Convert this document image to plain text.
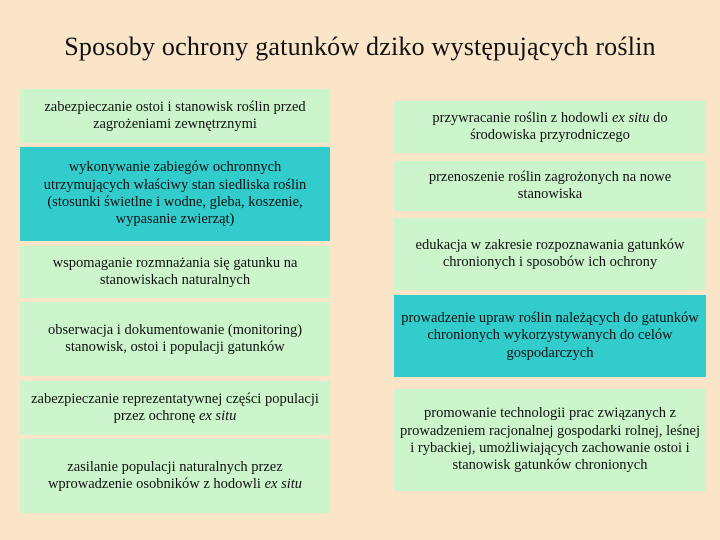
Sposoby ochrony gatunków dziko występujących roślin
zabezpieczanie ostoi i stanowisk roślin przed zagrożeniami zewnętrznymi
wykonywanie zabiegów ochronnych utrzymujących właściwy stan siedliska roślin (stosunki świetlne i wodne, gleba, koszenie, wypasanie zwierząt)
wspomaganie rozmnażania się gatunku na stanowiskach naturalnych
obserwacja i dokumentowanie (monitoring) stanowisk, ostoi i populacji gatunków
zabezpieczanie reprezentatywnej części populacji przez ochronę ex situ
zasilanie populacji naturalnych przez wprowadzenie osobników z hodowli ex situ
przywracanie roślin z hodowli ex situ do środowiska przyrodniczego
przenoszenie roślin zagrożonych na nowe stanowiska
edukacja w zakresie rozpoznawania gatunków chronionych i sposobów ich ochrony
prowadzenie upraw roślin należących do gatunków chronionych wykorzystywanych do celów gospodarczych
promowanie technologii prac związanych z prowadzeniem racjonalnej gospodarki rolnej, leśnej i rybackiej, umożliwiających zachowanie ostoi i stanowisk gatunków chronionych
